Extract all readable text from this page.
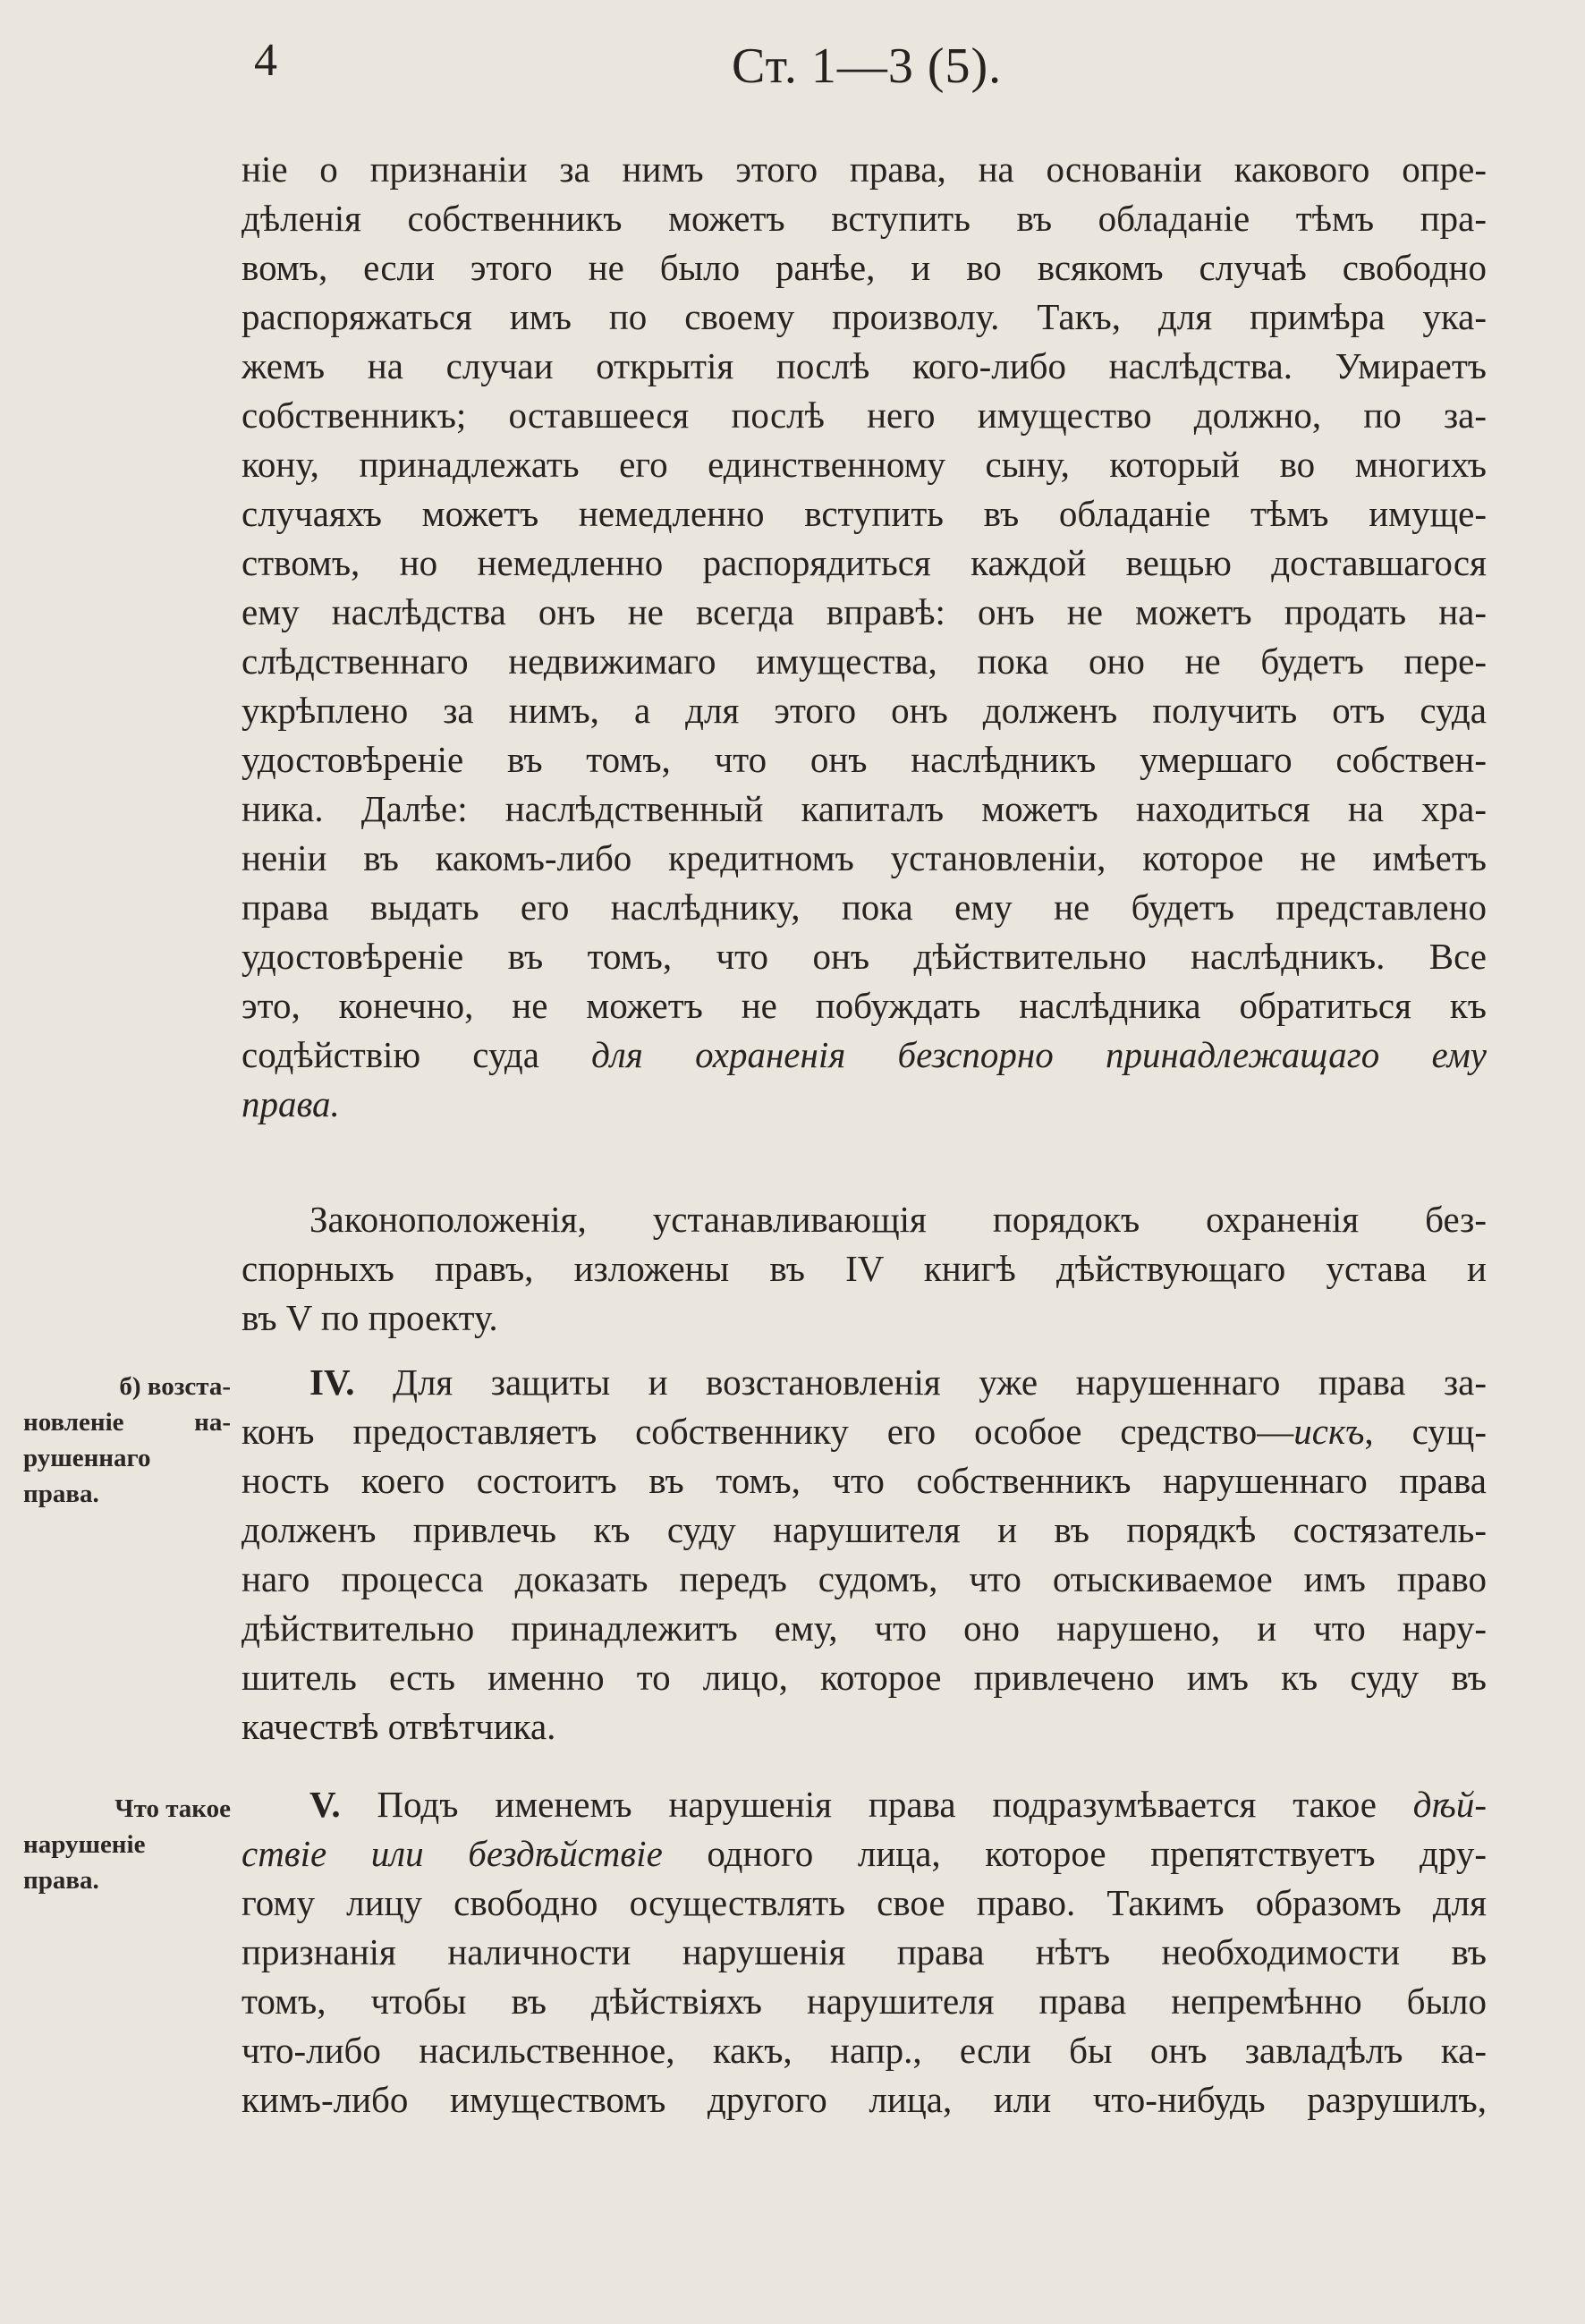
4	Ст. 1—3 (5).
ніе о признаніи за нимъ этого права, на основаніи какового опре-
дѣленія собственникъ можетъ вступить въ обладаніе тѣмъ пра-
вомъ, если этого не было ранѣе, и во всякомъ случаѣ свободно
распоряжаться имъ по своему произволу. Такъ, для примѣра ука-
жемъ на случаи открытія послѣ кого-либо наслѣдства. Умираетъ
собственникъ; оставшееся послѣ него имущество должно, по за-
кону, принадлежать его единственному сыну, который во многихъ
случаяхъ можетъ немедленно вступить въ обладаніе тѣмъ имуще-
ствомъ, но немедленно распорядиться каждой вещью доставшагося
ему наслѣдства онъ не всегда вправѣ: онъ не можетъ продать на-
слѣдственнаго недвижимаго имущества, пока оно не будетъ пере-
укрѣплено за нимъ, а для этого онъ долженъ получить отъ суда
удостовѣреніе въ томъ, что онъ наслѣдникъ умершаго собствен-
ника. Далѣе: наслѣдственный капиталъ можетъ находиться на хра-
неніи въ какомъ-либо кредитномъ установленіи, которое не имѣетъ
права выдать его наслѣднику, пока ему не будетъ представлено
удостовѣреніе въ томъ, что онъ дѣйствительно наслѣдникъ. Все
это, конечно, не можетъ не побуждать наслѣдника обратиться къ
содѣйствію суда для охраненія безспорно принадлежащаго ему
права.
Законоположенія, устанавливающія порядокъ охраненія без-
спорныхъ правъ, изложены въ IV книгѣ дѣйствующаго устава и
въ V по проекту.
IV. Для защиты и возстановленія уже нарушеннаго права за-
конъ предоставляетъ собственнику его особое средство—искъ, сущ-
ность коего состоитъ въ томъ, что собственникъ нарушеннаго права
долженъ привлечь къ суду нарушителя и въ порядкѣ состязатель-
наго процесса доказать передъ судомъ, что отыскиваемое имъ право
дѣйствительно принадлежитъ ему, что оно нарушено, и что нару-
шитель есть именно то лицо, которое привлечено имъ къ суду въ
качествѣ отвѣтчика.
V. Подъ именемъ нарушенія права подразумѣвается такое дѣй-
ствіе или бездѣйствіе одного лица, которое препятствуетъ дру-
гому лицу свободно осуществлять свое право. Такимъ образомъ для
признанія наличности нарушенія права нѣтъ необходимости въ
томъ, чтобы въ дѣйствіяхъ нарушителя права непремѣнно было
что-либо насильственное, какъ, напр., если бы онъ завладѣлъ ка-
кимъ-либо имуществомъ другого лица, или что-нибудь разрушилъ,
б) возста-
новленіе на-
рушеннаго
права.
Что такое
нарушеніе
права.
